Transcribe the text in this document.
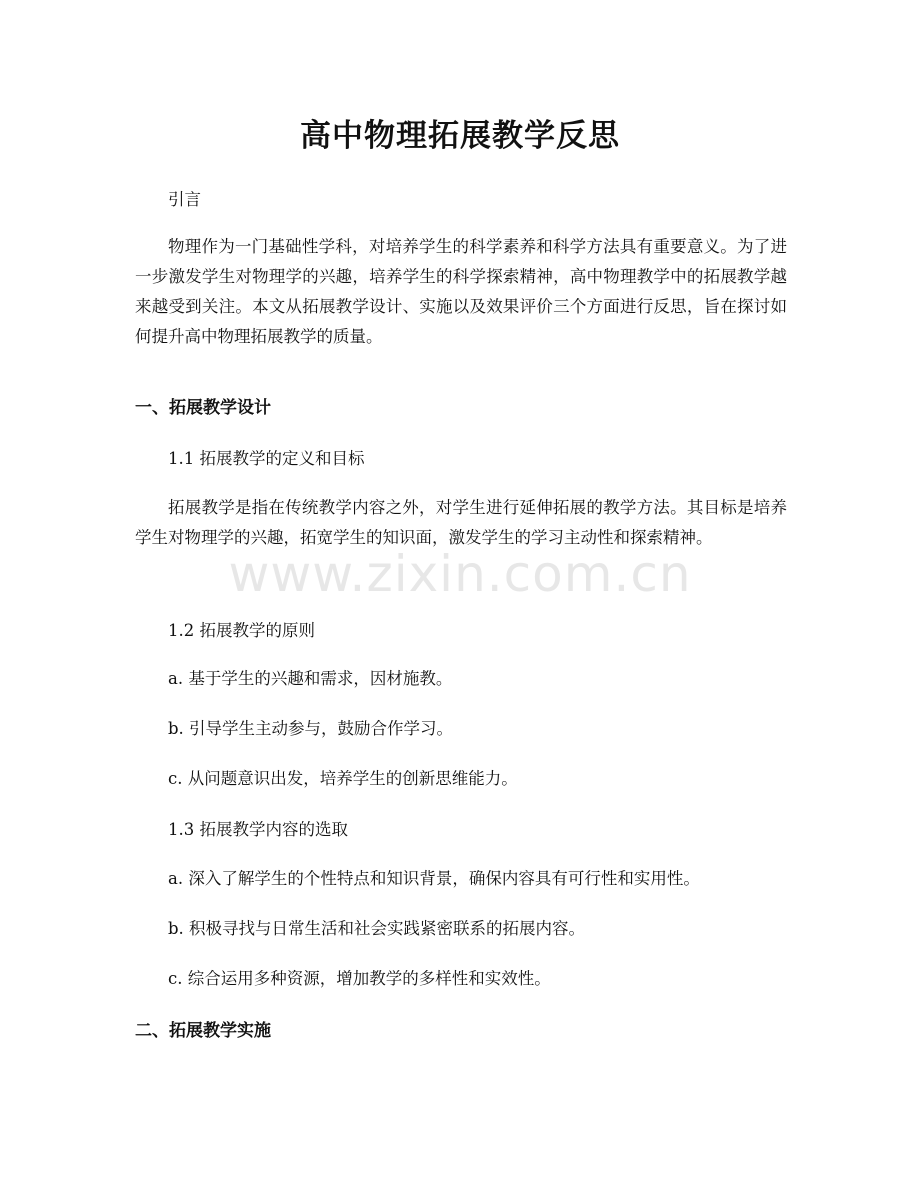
高中物理拓展教学反思

引言

物理作为一门基础性学科，对培养学生的科学素养和科学方法具有重要意义。为了进一步激发学生对物理学的兴趣，培养学生的科学探索精神，高中物理教学中的拓展教学越来越受到关注。本文从拓展教学设计、实施以及效果评价三个方面进行反思，旨在探讨如何提升高中物理拓展教学的质量。

一、拓展教学设计

1.1 拓展教学的定义和目标

拓展教学是指在传统教学内容之外，对学生进行延伸拓展的教学方法。其目标是培养学生对物理学的兴趣，拓宽学生的知识面，激发学生的学习主动性和探索精神。

1.2 拓展教学的原则

a. 基于学生的兴趣和需求，因材施教。

b. 引导学生主动参与，鼓励合作学习。

c. 从问题意识出发，培养学生的创新思维能力。

1.3 拓展教学内容的选取

a. 深入了解学生的个性特点和知识背景，确保内容具有可行性和实用性。

b. 积极寻找与日常生活和社会实践紧密联系的拓展内容。

c. 综合运用多种资源，增加教学的多样性和实效性。

二、拓展教学实施
www.zixin.com.cn
